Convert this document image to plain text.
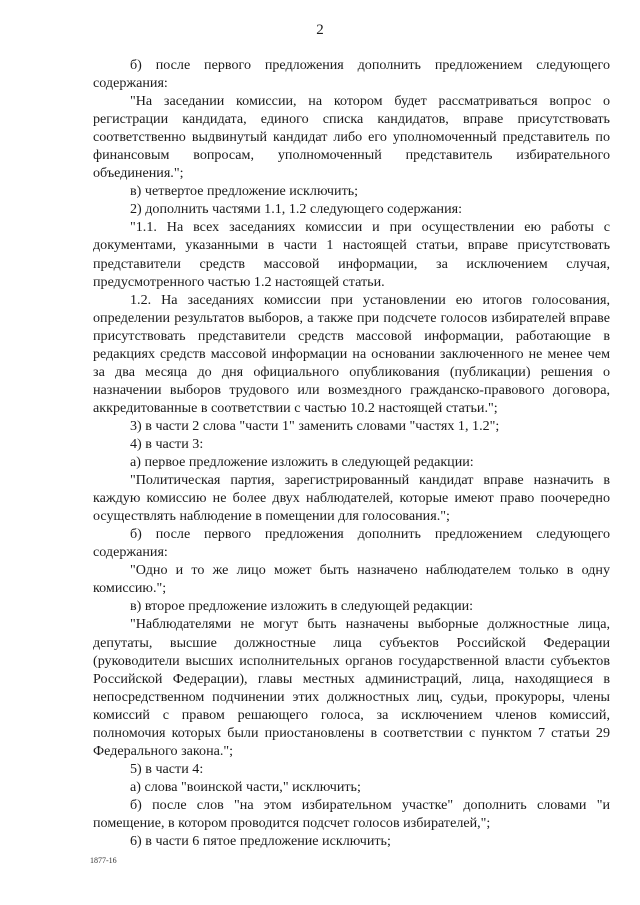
2

б) после первого предложения дополнить предложением следующего содержания:

"На заседании комиссии, на котором будет рассматриваться вопрос о регистрации кандидата, единого списка кандидатов, вправе присутствовать соответственно выдвинутый кандидат либо его уполномоченный представитель по финансовым вопросам, уполномоченный представитель избирательного объединения.";

в) четвертое предложение исключить;

2) дополнить частями 1.1, 1.2 следующего содержания:

"1.1. На всех заседаниях комиссии и при осуществлении ею работы с документами, указанными в части 1 настоящей статьи, вправе присутствовать представители средств массовой информации, за исключением случая, предусмотренного частью 1.2 настоящей статьи.

1.2. На заседаниях комиссии при установлении ею итогов голосования, определении результатов выборов, а также при подсчете голосов избирателей вправе присутствовать представители средств массовой информации, работающие в редакциях средств массовой информации на основании заключенного не менее чем за два месяца до дня официального опубликования (публикации) решения о назначении выборов трудового или возмездного гражданско-правового договора, аккредитованные в соответствии с частью 10.2 настоящей статьи.";

3) в части 2 слова "части 1" заменить словами "частях 1, 1.2";

4) в части 3:

а) первое предложение изложить в следующей редакции:

"Политическая партия, зарегистрированный кандидат вправе назначить в каждую комиссию не более двух наблюдателей, которые имеют право поочередно осуществлять наблюдение в помещении для голосования.";

б) после первого предложения дополнить предложением следующего содержания:

"Одно и то же лицо может быть назначено наблюдателем только в одну комиссию.";

в) второе предложение изложить в следующей редакции:

"Наблюдателями не могут быть назначены выборные должностные лица, депутаты, высшие должностные лица субъектов Российской Федерации (руководители высших исполнительных органов государственной власти субъектов Российской Федерации), главы местных администраций, лица, находящиеся в непосредственном подчинении этих должностных лиц, судьи, прокуроры, члены комиссий с правом решающего голоса, за исключением членов комиссий, полномочия которых были приостановлены в соответствии с пунктом 7 статьи 29 Федерального закона.";

5) в части 4:

а) слова "воинской части," исключить;

б) после слов "на этом избирательном участке" дополнить словами "и помещение, в котором проводится подсчет голосов избирателей,";

6) в части 6 пятое предложение исключить;

1877-16
